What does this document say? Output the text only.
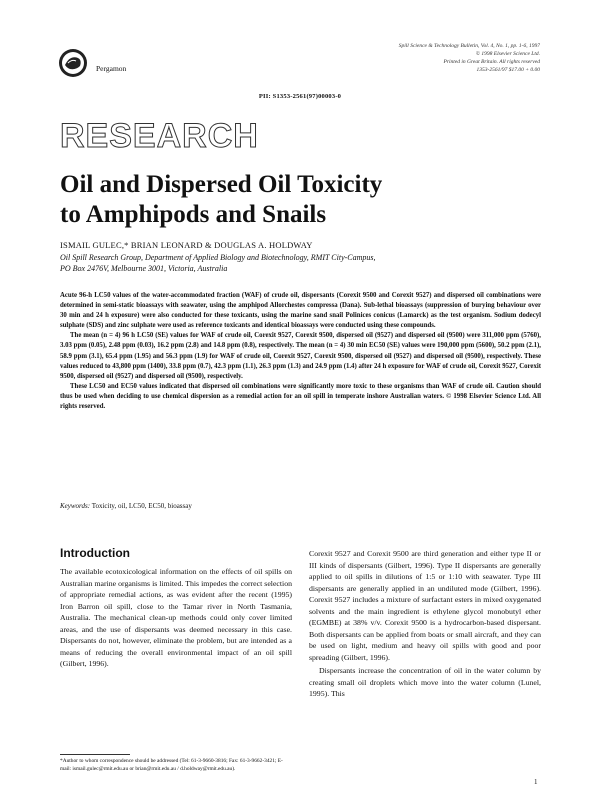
Pergamon
Spill Science & Technology Bulletin, Vol. 4, No. 1, pp. 1-6, 1997
© 1998 Elsevier Science Ltd.
Printed in Great Britain. All rights reserved
1353-2561/97 $17.00 + 0.00
PII: S1353-2561(97)00003-0
RESEARCH
Oil and Dispersed Oil Toxicity
to Amphipods and Snails
ISMAIL GULEC,* BRIAN LEONARD & DOUGLAS A. HOLDWAY
Oil Spill Research Group, Department of Applied Biology and Biotechnology, RMIT City-Campus, PO Box 2476V, Melbourne 3001, Victoria, Australia

Acute 96-h LC50 values of the water-accommodated fraction (WAF) of crude oil, dispersants (Corexit 9500 and Corexit 9527) and dispersed oil combinations were determined in semi-static bioassays with seawater, using the amphipod Allorchestes compressa (Dana). Sub-lethal bioassays (suppression of burying behaviour over 30 min and 24 h exposure) were also conducted for these toxicants, using the marine sand snail Polinices conicus (Lamarck) as the test organism. Sodium dodecyl sulphate (SDS) and zinc sulphate were used as reference toxicants and identical bioassays were conducted using these compounds.

The mean (n = 4) 96 h LC50 (SE) values for WAF of crude oil, Corexit 9527, Corexit 9500, dispersed oil (9527) and dispersed oil (9500) were 311,000 ppm (5760), 3.03 ppm (0.05), 2.48 ppm (0.03), 16.2 ppm (2.8) and 14.8 ppm (0.8), respectively. The mean (n = 4) 30 min EC50 (SE) values were 190,000 ppm (5600), 50.2 ppm (2.1), 58.9 ppm (3.1), 65.4 ppm (1.95) and 56.3 ppm (1.9) for WAF of crude oil, Corexit 9527, Corexit 9500, dispersed oil (9527) and dispersed oil (9500), respectively. These values reduced to 43,800 ppm (1400), 33.8 ppm (0.7), 42.3 ppm (1.1), 26.3 ppm (1.3) and 24.9 ppm (1.4) after 24 h exposure for WAF of crude oil, Corexit 9527, Corexit 9500, dispersed oil (9527) and dispersed oil (9500), respectively.

These LC50 and EC50 values indicated that dispersed oil combinations were significantly more toxic to these organisms than WAF of crude oil. Caution should thus be used when deciding to use chemical dispersion as a remedial action for an oil spill in temperate inshore Australian waters. © 1998 Elsevier Science Ltd. All rights reserved.

Keywords: Toxicity, oil, LC50, EC50, bioassay
Introduction

The available ecotoxicological information on the effects of oil spills on Australian marine organisms is limited. This impedes the correct selection of appropriate remedial actions, as was evident after the recent (1995) Iron Barron oil spill, close to the Tamar river in North Tasmania, Australia. The mechanical clean-up methods could only cover limited areas, and the use of dispersants was deemed necessary in this case. Dispersants do not, however, eliminate the problem, but are intended as a means of reducing the overall environmental impact of an oil spill (Gilbert, 1996).

Corexit 9527 and Corexit 9500 are third generation and either type II or III kinds of dispersants (Gilbert, 1996). Type II dispersants are generally applied to oil spills in dilutions of 1:5 or 1:10 with seawater. Type III dispersants are generally applied in an undiluted mode (Gilbert, 1996). Corexit 9527 includes a mixture of surfactant esters in mixed oxygenated solvents and the main ingredient is ethylene glycol monobutyl ether (EGMBE) at 38% v/v. Corexit 9500 is a hydrocarbon-based dispersant. Both dispersants can be applied from boats or small aircraft, and they can be used on light, medium and heavy oil spills with good and poor spreading (Gilbert, 1996).

Dispersants increase the concentration of oil in the water column by creating small oil droplets which move into the water column (Lunel, 1995). This

*Author to whom correspondence should be addressed (Tel: 61-3-9660-3816; Fax: 61-3-9662-3421; E-mail: ismail.gulec@rmit.edu.au or brian@rmit.edu.au / d.holdway@rmit.edu.au).
1
